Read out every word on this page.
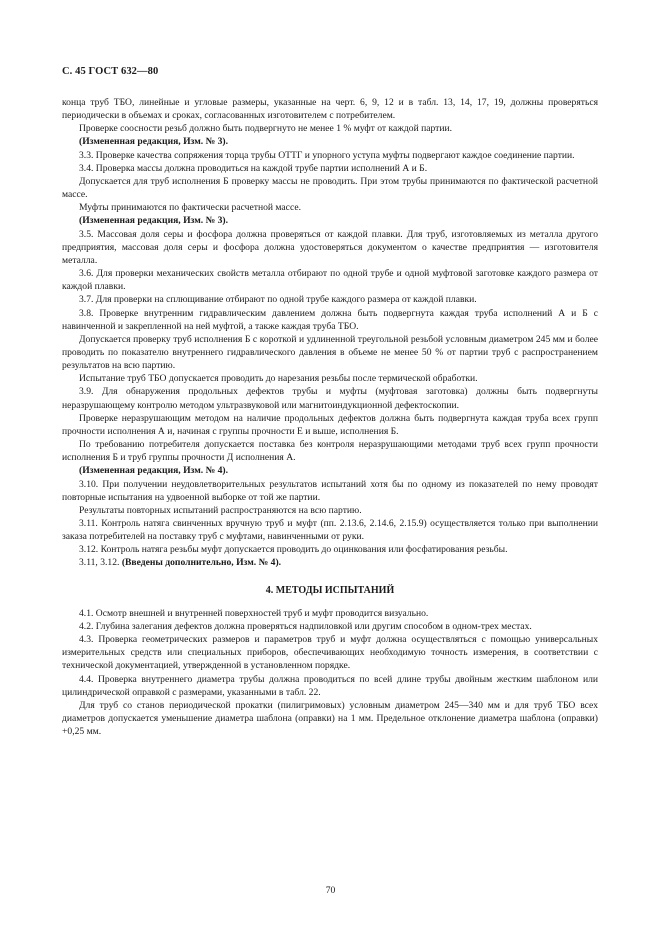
С. 45 ГОСТ 632—80

конца труб ТБО, линейные и угловые размеры, указанные на черт. 6, 9, 12 и в табл. 13, 14, 17, 19, должны проверяться периодически в объемах и сроках, согласованных изготовителем с потребителем.

Проверке соосности резьб должно быть подвергнуто не менее 1 % муфт от каждой партии.

(Измененная редакция, Изм. № 3).

3.3. Проверке качества сопряжения торца трубы ОТТГ и упорного уступа муфты подвергают каждое соединение партии.

3.4. Проверка массы должна проводиться на каждой трубе партии исполнений А и Б.

Допускается для труб исполнения Б проверку массы не проводить. При этом трубы принимаются по фактической расчетной массе.

Муфты принимаются по фактически расчетной массе.

(Измененная редакция, Изм. № 3).

3.5. Массовая доля серы и фосфора должна проверяться от каждой плавки. Для труб, изготовляемых из металла другого предприятия, массовая доля серы и фосфора должна удостоверяться документом о качестве предприятия — изготовителя металла.

3.6. Для проверки механических свойств металла отбирают по одной трубе и одной муфтовой заготовке каждого размера от каждой плавки.

3.7. Для проверки на сплющивание отбирают по одной трубе каждого размера от каждой плавки.

3.8. Проверке внутренним гидравлическим давлением должна быть подвергнута каждая труба исполнений А и Б с навинченной и закрепленной на ней муфтой, а также каждая труба ТБО.

Допускается проверку труб исполнения Б с короткой и удлиненной треугольной резьбой условным диаметром 245 мм и более проводить по показателю внутреннего гидравлического давления в объеме не менее 50 % от партии труб с распространением результатов на всю партию.

Испытание труб ТБО допускается проводить до нарезания резьбы после термической обработки.

3.9. Для обнаружения продольных дефектов трубы и муфты (муфтовая заготовка) должны быть подвергнуты неразрушающему контролю методом ультразвуковой или магнитоиндукционной дефектоскопии.

Проверке неразрушающим методом на наличие продольных дефектов должна быть подвергнута каждая труба всех групп прочности исполнения А и, начиная с группы прочности Е и выше, исполнения Б.

По требованию потребителя допускается поставка без контроля неразрушающими методами труб всех групп прочности исполнения Б и труб группы прочности Д исполнения А.

(Измененная редакция, Изм. № 4).

3.10. При получении неудовлетворительных результатов испытаний хотя бы по одному из показателей по нему проводят повторные испытания на удвоенной выборке от той же партии.

Результаты повторных испытаний распространяются на всю партию.

3.11. Контроль натяга свинченных вручную труб и муфт (пп. 2.13.6, 2.14.6, 2.15.9) осуществляется только при выполнении заказа потребителей на поставку труб с муфтами, навинченными от руки.

3.12. Контроль натяга резьбы муфт допускается проводить до оцинкования или фосфатирования резьбы.

3.11, 3.12. (Введены дополнительно, Изм. № 4).

4. МЕТОДЫ ИСПЫТАНИЙ

4.1. Осмотр внешней и внутренней поверхностей труб и муфт проводится визуально.

4.2. Глубина залегания дефектов должна проверяться надпиловкой или другим способом в одном-трех местах.

4.3. Проверка геометрических размеров и параметров труб и муфт должна осуществляться с помощью универсальных измерительных средств или специальных приборов, обеспечивающих необходимую точность измерения, в соответствии с технической документацией, утвержденной в установленном порядке.

4.4. Проверка внутреннего диаметра трубы должна проводиться по всей длине трубы двойным жестким шаблоном или цилиндрической оправкой с размерами, указанными в табл. 22.

Для труб со станов периодической прокатки (пилигримовых) условным диаметром 245—340 мм и для труб ТБО всех диаметров допускается уменьшение диаметра шаблона (оправки) на 1 мм. Предельное отклонение диаметра шаблона (оправки) +0,25 мм.

70
